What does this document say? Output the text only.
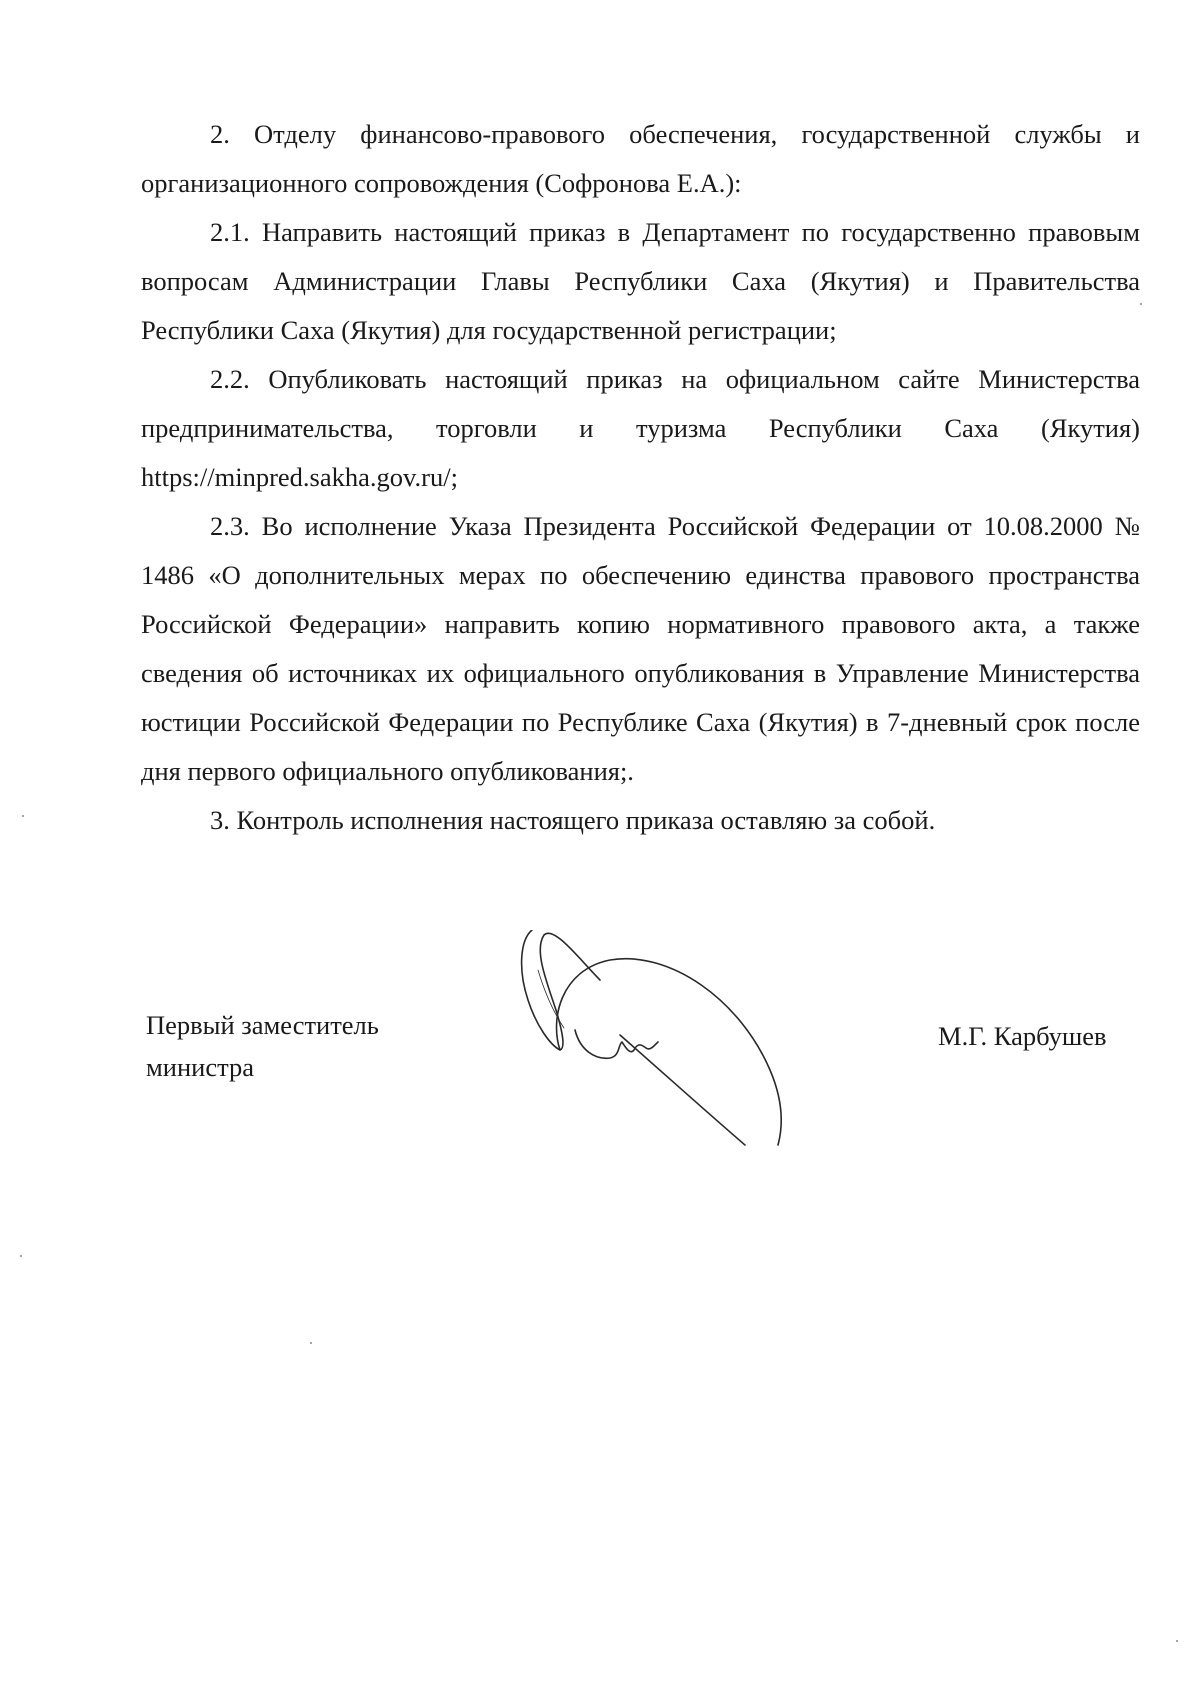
2. Отделу финансово-правового обеспечения, государственной службы и организационного сопровождения (Софронова Е.А.):

2.1. Направить настоящий приказ в Департамент по государственно правовым вопросам Администрации Главы Республики Саха (Якутия) и Правительства Республики Саха (Якутия) для государственной регистрации;

2.2. Опубликовать настоящий приказ на официальном сайте Министерства предпринимательства, торговли и туризма Республики Саха (Якутия) https://minpred.sakha.gov.ru/;

2.3. Во исполнение Указа Президента Российской Федерации от 10.08.2000 № 1486 «О дополнительных мерах по обеспечению единства правового пространства Российской Федерации» направить копию нормативного правового акта, а также сведения об источниках их официального опубликования в Управление Министерства юстиции Российской Федерации по Республике Саха (Якутия) в 7-дневный срок после дня первого официального опубликования;.

3. Контроль исполнения настоящего приказа оставляю за собой.

Первый заместитель
министра
М.Г. Карбушев
